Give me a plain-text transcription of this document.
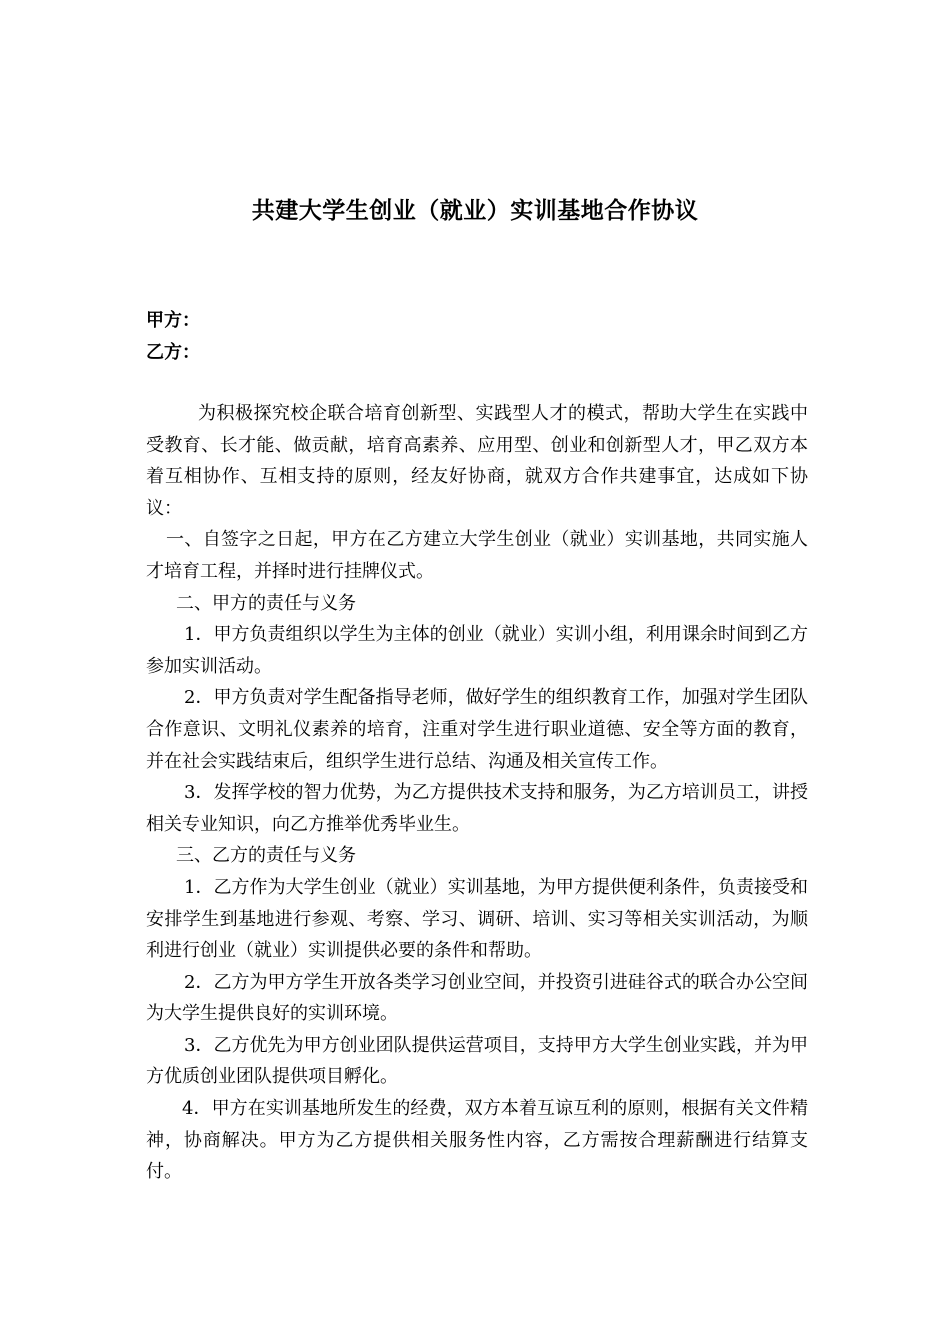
共建大学生创业（就业）实训基地合作协议

甲方：

乙方：

为积极探究校企联合培育创新型、实践型人才的模式，帮助大学生在实践中受教育、长才能、做贡献，培育高素养、应用型、创业和创新型人才，甲乙双方本着互相协作、互相支持的原则，经友好协商，就双方合作共建事宜，达成如下协议：

一、自签字之日起，甲方在乙方建立大学生创业（就业）实训基地，共同实施人才培育工程，并择时进行挂牌仪式。

二、甲方的责任与义务

1．甲方负责组织以学生为主体的创业（就业）实训小组，利用课余时间到乙方参加实训活动。

2．甲方负责对学生配备指导老师，做好学生的组织教育工作，加强对学生团队合作意识、文明礼仪素养的培育，注重对学生进行职业道德、安全等方面的教育，并在社会实践结束后，组织学生进行总结、沟通及相关宣传工作。

3．发挥学校的智力优势，为乙方提供技术支持和服务，为乙方培训员工，讲授相关专业知识，向乙方推举优秀毕业生。

三、乙方的责任与义务

1．乙方作为大学生创业（就业）实训基地，为甲方提供便利条件，负责接受和安排学生到基地进行参观、考察、学习、调研、培训、实习等相关实训活动，为顺利进行创业（就业）实训提供必要的条件和帮助。

2．乙方为甲方学生开放各类学习创业空间，并投资引进硅谷式的联合办公空间为大学生提供良好的实训环境。

3．乙方优先为甲方创业团队提供运营项目，支持甲方大学生创业实践，并为甲方优质创业团队提供项目孵化。

4．甲方在实训基地所发生的经费，双方本着互谅互利的原则，根据有关文件精神，协商解决。甲方为乙方提供相关服务性内容，乙方需按合理薪酬进行结算支付。
